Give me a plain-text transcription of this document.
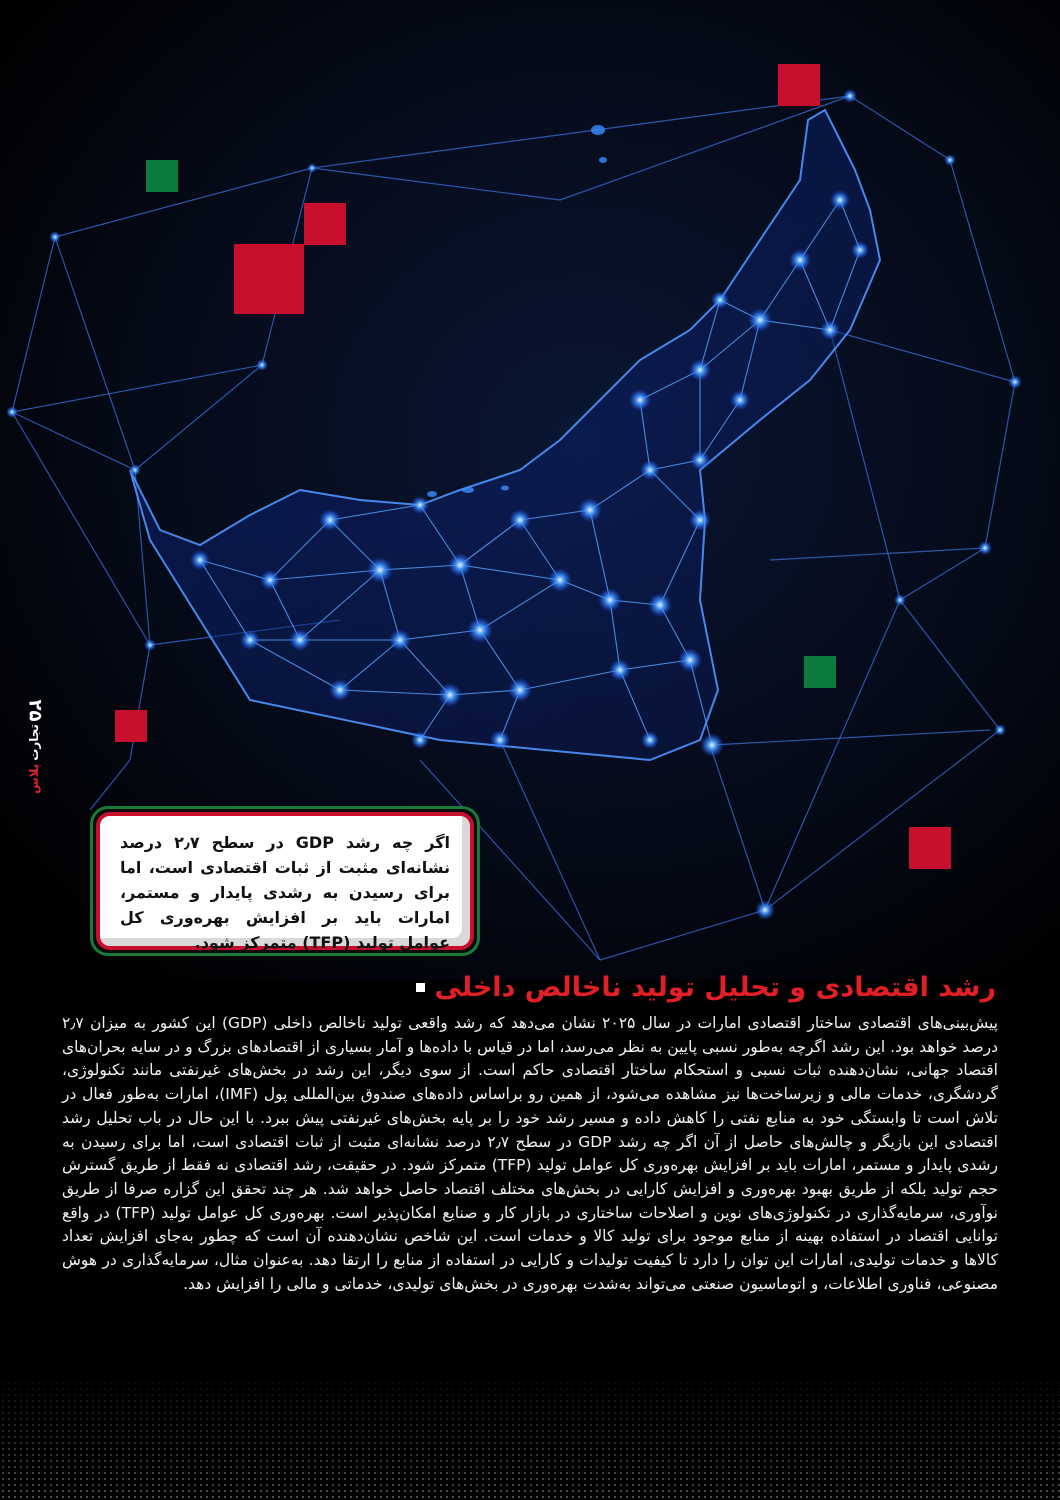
۲۵
پلاس
تجارت
اگر چه رشد GDP در سطح ۲٫۷ درصد نشانه‌ای مثبت از ثبات اقتصادی است، اما برای رسیدن به رشدی پایدار و مستمر، امارات باید بر افزایش بهره‌وری کل عوامل تولید (TFP) متمرکز شود.
رشد اقتصادی و تحلیل تولید ناخالص داخلی
پیش‌بینی‌های اقتصادی ساختار اقتصادی امارات در سال ۲۰۲۵ نشان می‌دهد که رشد واقعی تولید ناخالص داخلی (GDP) این کشور به میزان ۲٫۷ درصد خواهد بود. این رشد اگرچه به‌طور نسبی پایین به نظر می‌رسد، اما در قیاس با داده‌ها و آمار بسیاری از اقتصادهای بزرگ و در سایه بحران‌های اقتصاد جهانی، نشان‌دهنده ثبات نسبی و استحکام ساختار اقتصادی حاکم است. از سوی دیگر، این رشد در بخش‌های غیرنفتی مانند تکنولوژی، گردشگری، خدمات مالی و زیرساخت‌ها نیز مشاهده می‌شود، از همین رو براساس داده‌های صندوق بین‌المللی پول (IMF)، امارات به‌طور فعال در تلاش است تا وابستگی خود به منابع نفتی را کاهش داده و مسیر رشد خود را بر پایه بخش‌های غیرنفتی پیش ببرد. با این حال در باب تحلیل رشد اقتصادی این بازیگر و چالش‌های حاصل از آن اگر چه رشد GDP در سطح ۲٫۷ درصد نشانه‌ای مثبت از ثبات اقتصادی است، اما برای رسیدن به رشدی پایدار و مستمر، امارات باید بر افزایش بهره‌وری کل عوامل تولید (TFP) متمرکز شود. در حقیقت، رشد اقتصادی نه فقط از طریق گسترش حجم تولید بلکه از طریق بهبود بهره‌وری و افزایش کارایی در بخش‌های مختلف اقتصاد حاصل خواهد شد. هر چند تحقق این گزاره صرفا از طریق نوآوری، سرمایه‌گذاری در تکنولوژی‌های نوین و اصلاحات ساختاری در بازار کار و صنایع امکان‌پذیر است. بهره‌وری کل عوامل تولید (TFP) در واقع توانایی اقتصاد در استفاده بهینه از منابع موجود برای تولید کالا و خدمات است. این شاخص نشان‌دهنده آن است که چطور به‌جای افزایش تعداد کالاها و خدمات تولیدی، امارات این توان را دارد تا کیفیت تولیدات و کارایی در استفاده از منابع را ارتقا دهد. به‌عنوان مثال، سرمایه‌گذاری در هوش مصنوعی، فناوری اطلاعات، و اتوماسیون صنعتی می‌تواند به‌شدت بهره‌وری در بخش‌های تولیدی، خدماتی و مالی را افزایش دهد.
